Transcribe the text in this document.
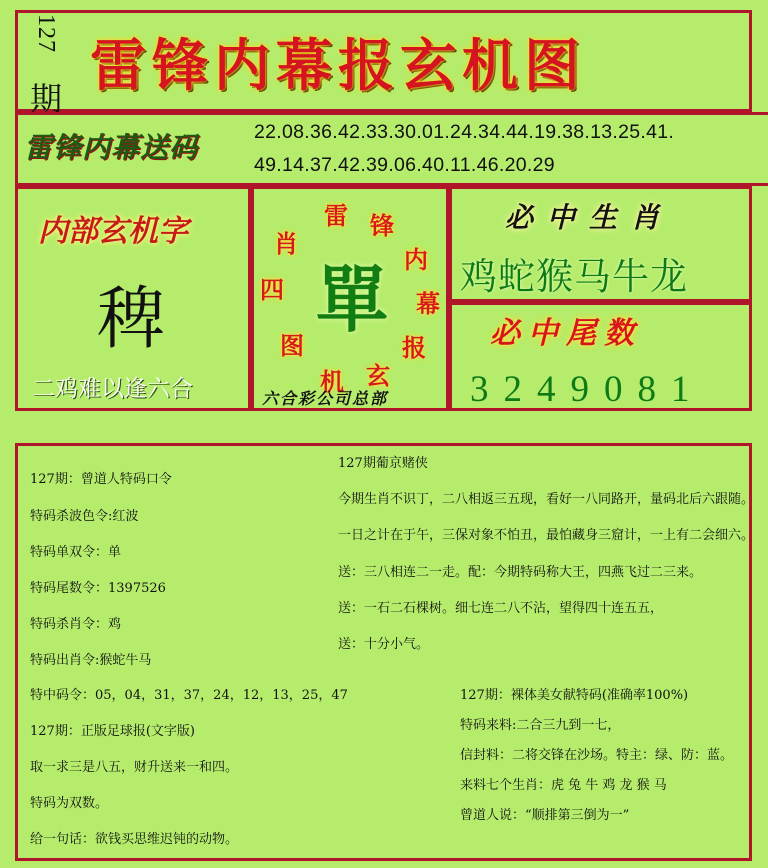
127
期 雷锋内幕报玄机图
雷锋内幕送码	22.08.36.42.33.30.01.24.34.44.19.38.13.25.41.
49.14.37.42.39.06.40.11.46.20.29
内部玄机字
稗
二鸡难以逢六合
雷 锋
内
幕
报
玄
机
图
四
肖
單
六合彩公司总部
必中生肖
鸡蛇猴马牛龙
必中尾数
3249081
127期：曾道人特码口令
特码杀波色令:红波
特码单双令：单
特码尾数令：1397526
特码杀肖令：鸡
特码出肖令:猴蛇牛马
特中码令：05，04，31，37，24，12，13，25，47
127期：正版足球报(文字版)
取一求三是八五，财升送来一和四。
特码为双数。
给一句话：欲钱买思维迟钝的动物。
127期葡京赌侠
今期生肖不识丁，二八相返三五现，看好一八同路开，量码北后六跟随。
一日之计在于午，三保对象不怕丑，最怕藏身三窟计，一上有二会细六。
送：三八相连二一走。配：今期特码称大王，四燕飞过二三来。
送：一石二石棵树。细七连二八不沾，望得四十连五五，
送：十分小气。
127期：裸体美女献特码(准确率100%)
特码来料:二合三九到一七，
信封料：二将交锋在沙场。特主：绿、防：蓝。
来料七个生肖：虎 兔 牛 鸡 龙 猴 马
曾道人说：“顺排第三倒为一”
